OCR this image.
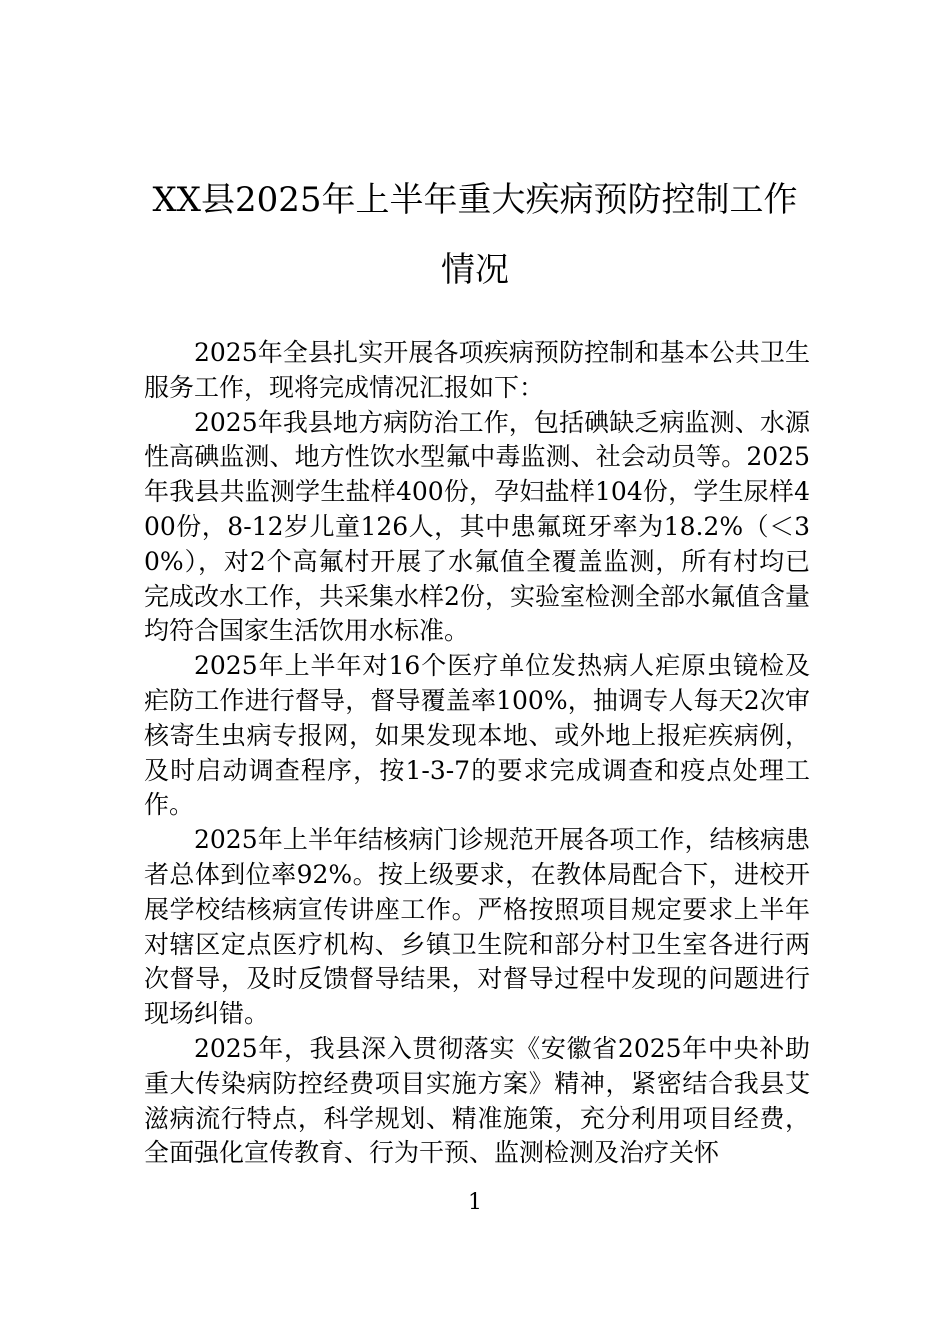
XX县2025年上半年重大疾病预防控制工作情况

2025年全县扎实开展各项疾病预防控制和基本公共卫生服务工作，现将完成情况汇报如下：

2025年我县地方病防治工作，包括碘缺乏病监测、水源性高碘监测、地方性饮水型氟中毒监测、社会动员等。2025年我县共监测学生盐样400份，孕妇盐样104份，学生尿样400份，8-12岁儿童126人，其中患氟斑牙率为18.2%（＜30%），对2个高氟村开展了水氟值全覆盖监测，所有村均已完成改水工作，共采集水样2份，实验室检测全部水氟值含量均符合国家生活饮用水标准。

2025年上半年对16个医疗单位发热病人疟原虫镜检及疟防工作进行督导，督导覆盖率100%，抽调专人每天2次审核寄生虫病专报网，如果发现本地、或外地上报疟疾病例，及时启动调查程序，按1-3-7的要求完成调查和疫点处理工作。

2025年上半年结核病门诊规范开展各项工作，结核病患者总体到位率92%。按上级要求，在教体局配合下，进校开展学校结核病宣传讲座工作。严格按照项目规定要求上半年对辖区定点医疗机构、乡镇卫生院和部分村卫生室各进行两次督导，及时反馈督导结果，对督导过程中发现的问题进行现场纠错。

2025年，我县深入贯彻落实《安徽省2025年中央补助重大传染病防控经费项目实施方案》精神，紧密结合我县艾滋病流行特点，科学规划、精准施策，充分利用项目经费，全面强化宣传教育、行为干预、监测检测及治疗关怀

1
